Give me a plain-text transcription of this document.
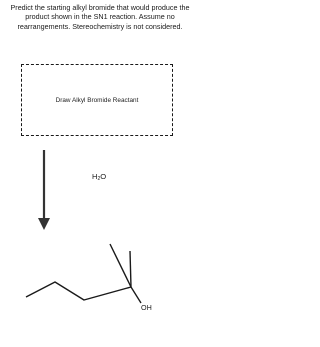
Predict the starting alkyl bromide that would produce the product shown in the SN1 reaction. Assume no rearrangements. Stereochemistry is not considered.
Draw Alkyl Bromide Reactant
$H_2O$
OH
